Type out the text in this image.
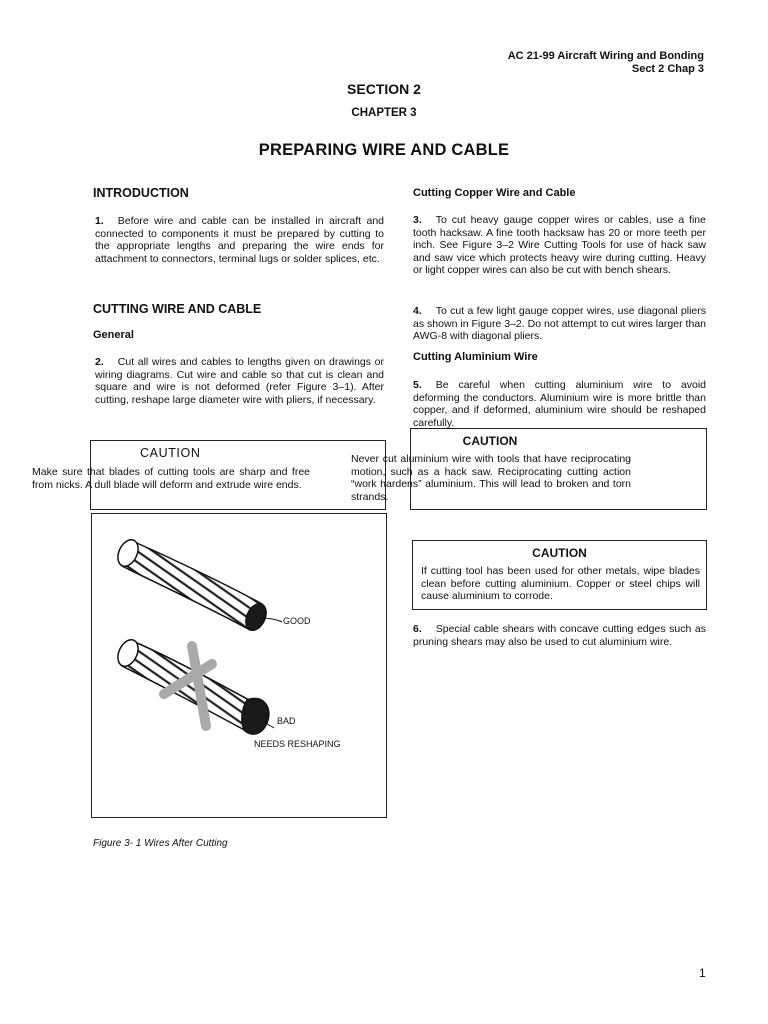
AC 21-99 Aircraft Wiring and Bonding
Sect 2 Chap 3
SECTION 2
CHAPTER 3
PREPARING WIRE AND CABLE
INTRODUCTION
1. Before wire and cable can be installed in aircraft and connected to components it must be prepared by cutting to the appropriate lengths and preparing the wire ends for attachment to connectors, terminal lugs or solder splices, etc.
CUTTING WIRE AND CABLE
General
2. Cut all wires and cables to lengths given on drawings or wiring diagrams. Cut wire and cable so that cut is clean and square and wire is not deformed (refer Figure 3–1). After cutting, reshape large diameter wire with pliers, if necessary.
CAUTION
Make sure that blades of cutting tools are sharp and free from nicks. A dull blade will deform and extrude wire ends.
GOOD
BAD
NEEDS RESHAPING
Figure 3- 1 Wires After Cutting
Cutting Copper Wire and Cable
3. To cut heavy gauge copper wires or cables, use a fine tooth hacksaw. A fine tooth hacksaw has 20 or more teeth per inch. See Figure 3–2 Wire Cutting Tools for use of hack saw and saw vice which protects heavy wire during cutting. Heavy or light copper wires can also be cut with bench shears.
4. To cut a few light gauge copper wires, use diagonal pliers as shown in Figure 3–2. Do not attempt to cut wires larger than AWG-8 with diagonal pliers.
Cutting Aluminium Wire
5. Be careful when cutting aluminium wire to avoid deforming the conductors. Aluminium wire is more brittle than copper, and if deformed, aluminium wire should be reshaped carefully.
CAUTION
Never cut aluminium wire with tools that have reciprocating motion, such as a hack saw. Reciprocating cutting action “work hardens” aluminium. This will lead to broken and torn strands.
CAUTION
If cutting tool has been used for other metals, wipe blades clean before cutting aluminium. Copper or steel chips will cause aluminium to corrode.
6. Special cable shears with concave cutting edges such as pruning shears may also be used to cut aluminium wire.
1
